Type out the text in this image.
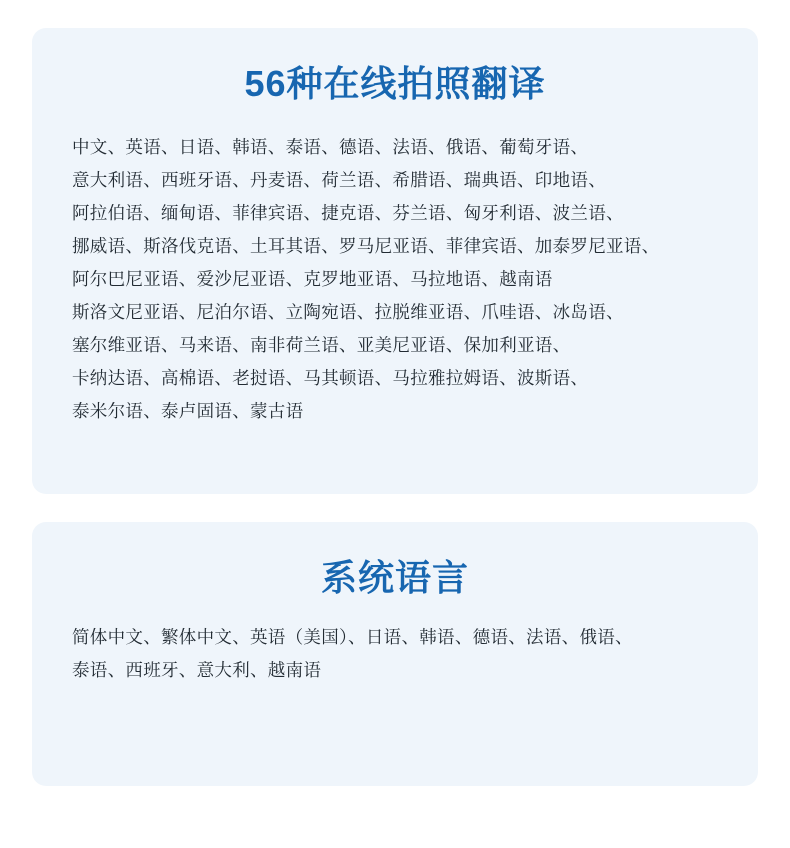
56种在线拍照翻译
中文、英语、日语、韩语、泰语、德语、法语、俄语、葡萄牙语、
意大利语、西班牙语、丹麦语、荷兰语、希腊语、瑞典语、印地语、
阿拉伯语、缅甸语、菲律宾语、捷克语、芬兰语、匈牙利语、波兰语、
挪威语、斯洛伐克语、土耳其语、罗马尼亚语、菲律宾语、加泰罗尼亚语、
阿尔巴尼亚语、爱沙尼亚语、克罗地亚语、马拉地语、越南语
斯洛文尼亚语、尼泊尔语、立陶宛语、拉脱维亚语、爪哇语、冰岛语、
塞尔维亚语、马来语、南非荷兰语、亚美尼亚语、保加利亚语、
卡纳达语、高棉语、老挝语、马其顿语、马拉雅拉姆语、波斯语、
泰米尔语、泰卢固语、蒙古语
系统语言
简体中文、繁体中文、英语（美国）、日语、韩语、德语、法语、俄语、
泰语、西班牙、意大利、越南语
